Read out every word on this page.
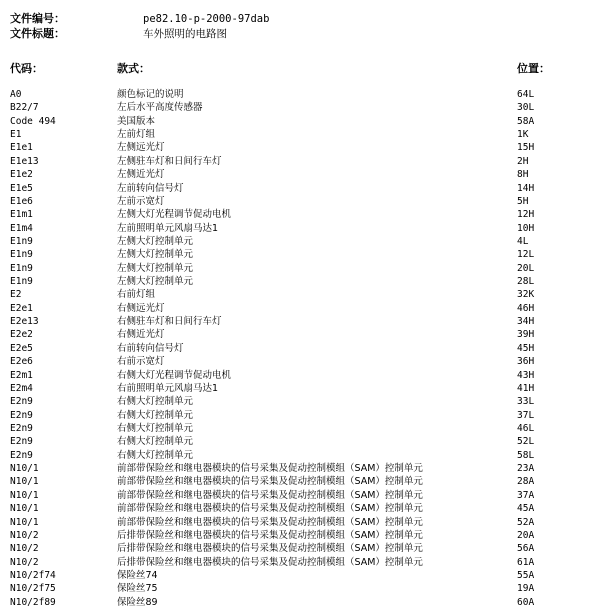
文件编号：	pe82.10-p-2000-97dab
文件标题：	车外照明的电路图
代码：	款式：	位置：
A0	颜色标记的说明	64L
B22/7	左后水平高度传感器	30L
Code 494	美国版本	58A
E1	左前灯组	1K
E1e1	左侧远光灯	15H
E1e13	左侧驻车灯和日间行车灯	2H
E1e2	左侧近光灯	8H
E1e5	左前转向信号灯	14H
E1e6	左前示宽灯	5H
E1m1	左侧大灯光程调节促动电机	12H
E1m4	左前照明单元风扇马达1	10H
E1n9	左侧大灯控制单元	4L
E1n9	左侧大灯控制单元	12L
E1n9	左侧大灯控制单元	20L
E1n9	左侧大灯控制单元	28L
E2	右前灯组	32K
E2e1	右侧远光灯	46H
E2e13	右侧驻车灯和日间行车灯	34H
E2e2	右侧近光灯	39H
E2e5	右前转向信号灯	45H
E2e6	右前示宽灯	36H
E2m1	右侧大灯光程调节促动电机	43H
E2m4	右前照明单元风扇马达1	41H
E2n9	右侧大灯控制单元	33L
E2n9	右侧大灯控制单元	37L
E2n9	右侧大灯控制单元	46L
E2n9	右侧大灯控制单元	52L
E2n9	右侧大灯控制单元	58L
N10/1	前部带保险丝和继电器模块的信号采集及促动控制模组（SAM）控制单元	23A
N10/1	前部带保险丝和继电器模块的信号采集及促动控制模组（SAM）控制单元	28A
N10/1	前部带保险丝和继电器模块的信号采集及促动控制模组（SAM）控制单元	37A
N10/1	前部带保险丝和继电器模块的信号采集及促动控制模组（SAM）控制单元	45A
N10/1	前部带保险丝和继电器模块的信号采集及促动控制模组（SAM）控制单元	52A
N10/2	后排带保险丝和继电器模块的信号采集及促动控制模组（SAM）控制单元	20A
N10/2	后排带保险丝和继电器模块的信号采集及促动控制模组（SAM）控制单元	56A
N10/2	后排带保险丝和继电器模块的信号采集及促动控制模组（SAM）控制单元	61A
N10/2f74	保险丝74	55A
N10/2f75	保险丝75	19A
N10/2f89	保险丝89	60A
